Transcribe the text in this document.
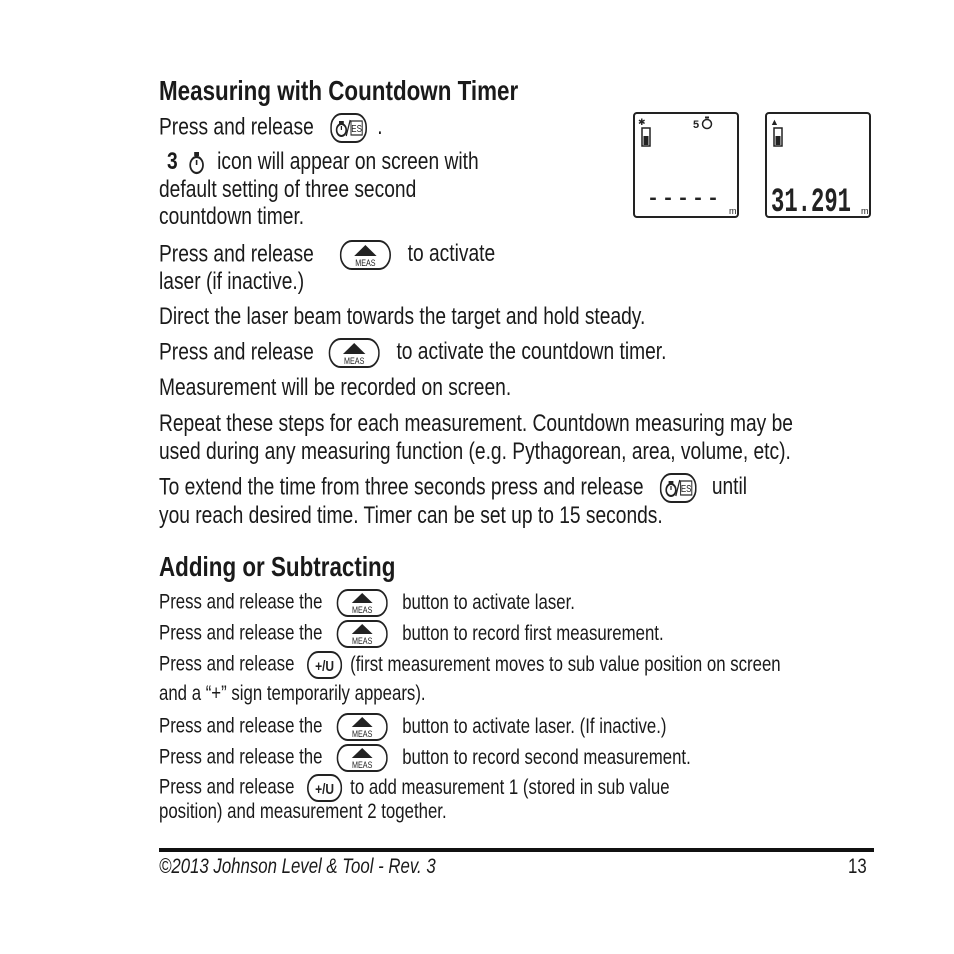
Measuring with Countdown Timer
Press and release	ES .
3 icon will appear on screen with
default setting of three second
countdown timer.
Press and release	MEAS to activate
laser (if inactive.)
Direct the laser beam towards the target and hold steady.
Press and release	MEAS to activate the countdown timer.
Measurement will be recorded on screen.
Repeat these steps for each measurement. Countdown measuring may be
used during any measuring function (e.g. Pythagorean, area, volume, etc).
To extend the time from three seconds press and release	ES until
you reach desired time. Timer can be set up to 15 seconds.
✱	5
----- m
▲
31.291 m
Adding or Subtracting
Press and release the	MEAS button to activate laser.
Press and release the	MEAS button to record first measurement.
Press and release +/U (first measurement moves to sub value position on screen
and a “+” sign temporarily appears).
Press and release the	MEAS button to activate laser. (If inactive.)
Press and release the	MEAS button to record second measurement.
Press and release +/U to add measurement 1 (stored in sub value
position) and measurement 2 together.
©2013 Johnson Level & Tool - Rev. 3	13
